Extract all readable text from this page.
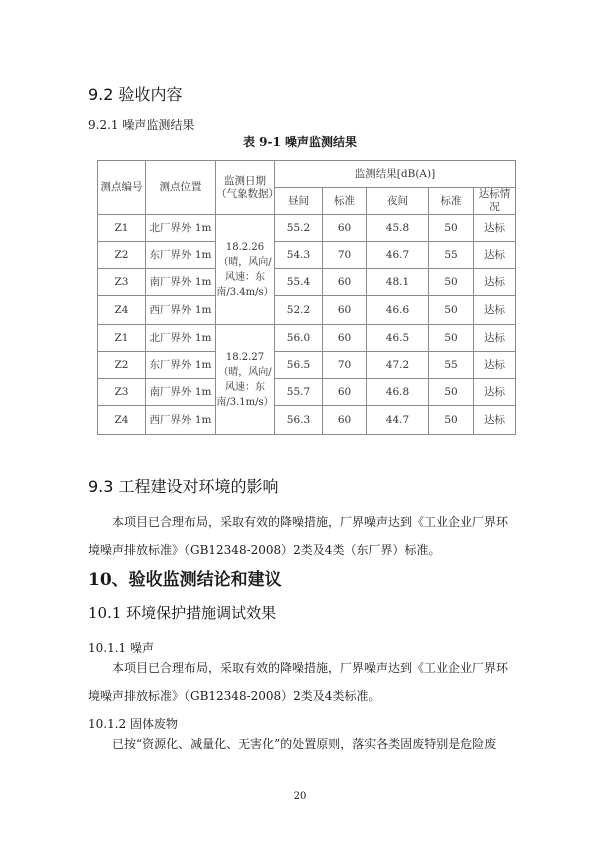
9.2 验收内容
9.2.1 噪声监测结果
表 9-1 噪声监测结果
测点编号	测点位置	监测日期（气象数据）	监测结果[dB(A)]				
			昼间	标准	夜间	标准	达标情况
Z1	北厂界外 1m	18.2.26（晴，风向/风速：东南/3.4m/s）	55.2	60	45.8	50	达标
Z2	东厂界外 1m		54.3	70	46.7	55	达标
Z3	南厂界外 1m		55.4	60	48.1	50	达标
Z4	西厂界外 1m		52.2	60	46.6	50	达标
Z1	北厂界外 1m	18.2.27（晴，风向/风速：东南/3.1m/s）	56.0	60	46.5	50	达标
Z2	东厂界外 1m		56.5	70	47.2	55	达标
Z3	南厂界外 1m		55.7	60	46.8	50	达标
Z4	西厂界外 1m		56.3	60	44.7	50	达标
9.3 工程建设对环境的影响
本项目已合理布局，采取有效的降噪措施，厂界噪声达到《工业企业厂界环境噪声排放标准》（GB12348-2008）2类及4类（东厂界）标准。
10、验收监测结论和建议
10.1 环境保护措施调试效果
10.1.1 噪声
本项目已合理布局，采取有效的降噪措施，厂界噪声达到《工业企业厂界环境噪声排放标准》（GB12348-2008）2类及4类标准。
10.1.2 固体废物
已按“资源化、减量化、无害化”的处置原则，落实各类固废特别是危险废
20
